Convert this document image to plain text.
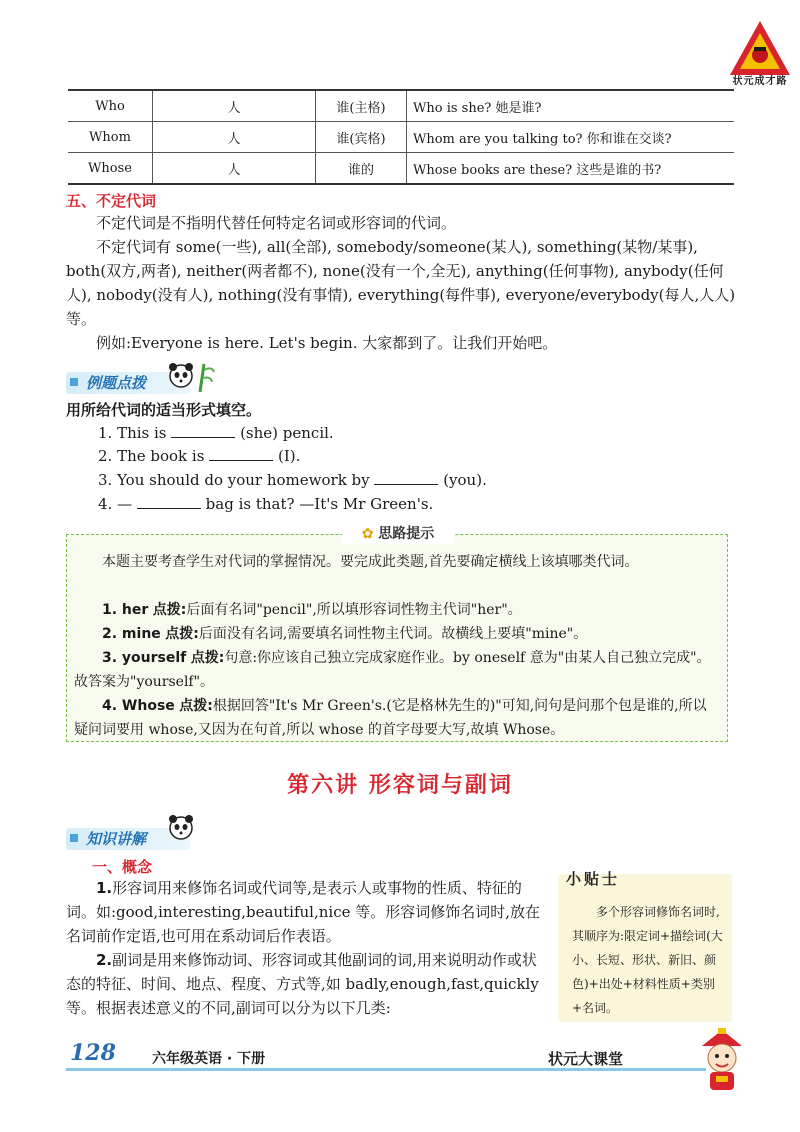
状元成才路
Who	人	谁(主格)	Who is she? 她是谁?
Whom	人	谁(宾格)	Whom are you talking to? 你和谁在交谈?
Whose	人	谁的	Whose books are these? 这些是谁的书?
五、不定代词
不定代词是不指明代替任何特定名词或形容词的代词。
不定代词有 some(一些), all(全部), somebody/someone(某人), something(某物/某事), both(双方,两者), neither(两者都不), none(没有一个,全无), anything(任何事物), anybody(任何人), nobody(没有人), nothing(没有事情), everything(每件事), everyone/everybody(每人,人人)等。
例如:Everyone is here. Let's begin. 大家都到了。让我们开始吧。
例题点拨
用所给代词的适当形式填空。
1. This is	(she) pencil.
2. The book is	(I).
3. You should do your homework by	(you).
4. —	bag is that? —It's Mr Green's.
✿ 思路提示
本题主要考查学生对代词的掌握情况。要完成此类题,首先要确定横线上该填哪类代词。
1. her 点拨:后面有名词"pencil",所以填形容词性物主代词"her"。
2. mine 点拨:后面没有名词,需要填名词性物主代词。故横线上要填"mine"。
3. yourself 点拨:句意:你应该自己独立完成家庭作业。by oneself 意为"由某人自己独立完成"。故答案为"yourself"。
4. Whose 点拨:根据回答"It's Mr Green's.(它是格林先生的)"可知,问句是问那个包是谁的,所以疑问词要用 whose,又因为在句首,所以 whose 的首字母要大写,故填 Whose。
第六讲 形容词与副词
知识讲解
一、概念
1.形容词用来修饰名词或代词等,是表示人或事物的性质、特征的词。如:good,interesting,beautiful,nice 等。形容词修饰名词时,放在名词前作定语,也可用在系动词后作表语。
2.副词是用来修饰动词、形容词或其他副词的词,用来说明动作或状态的特征、时间、地点、程度、方式等,如 badly,enough,fast,quickly 等。根据表述意义的不同,副词可以分为以下几类:
小贴士
多个形容词修饰名词时,其顺序为:限定词+描绘词(大小、长短、形状、新旧、颜色)+出处+材料性质+类别+名词。
128	六年级英语 · 下册	状元大课堂
